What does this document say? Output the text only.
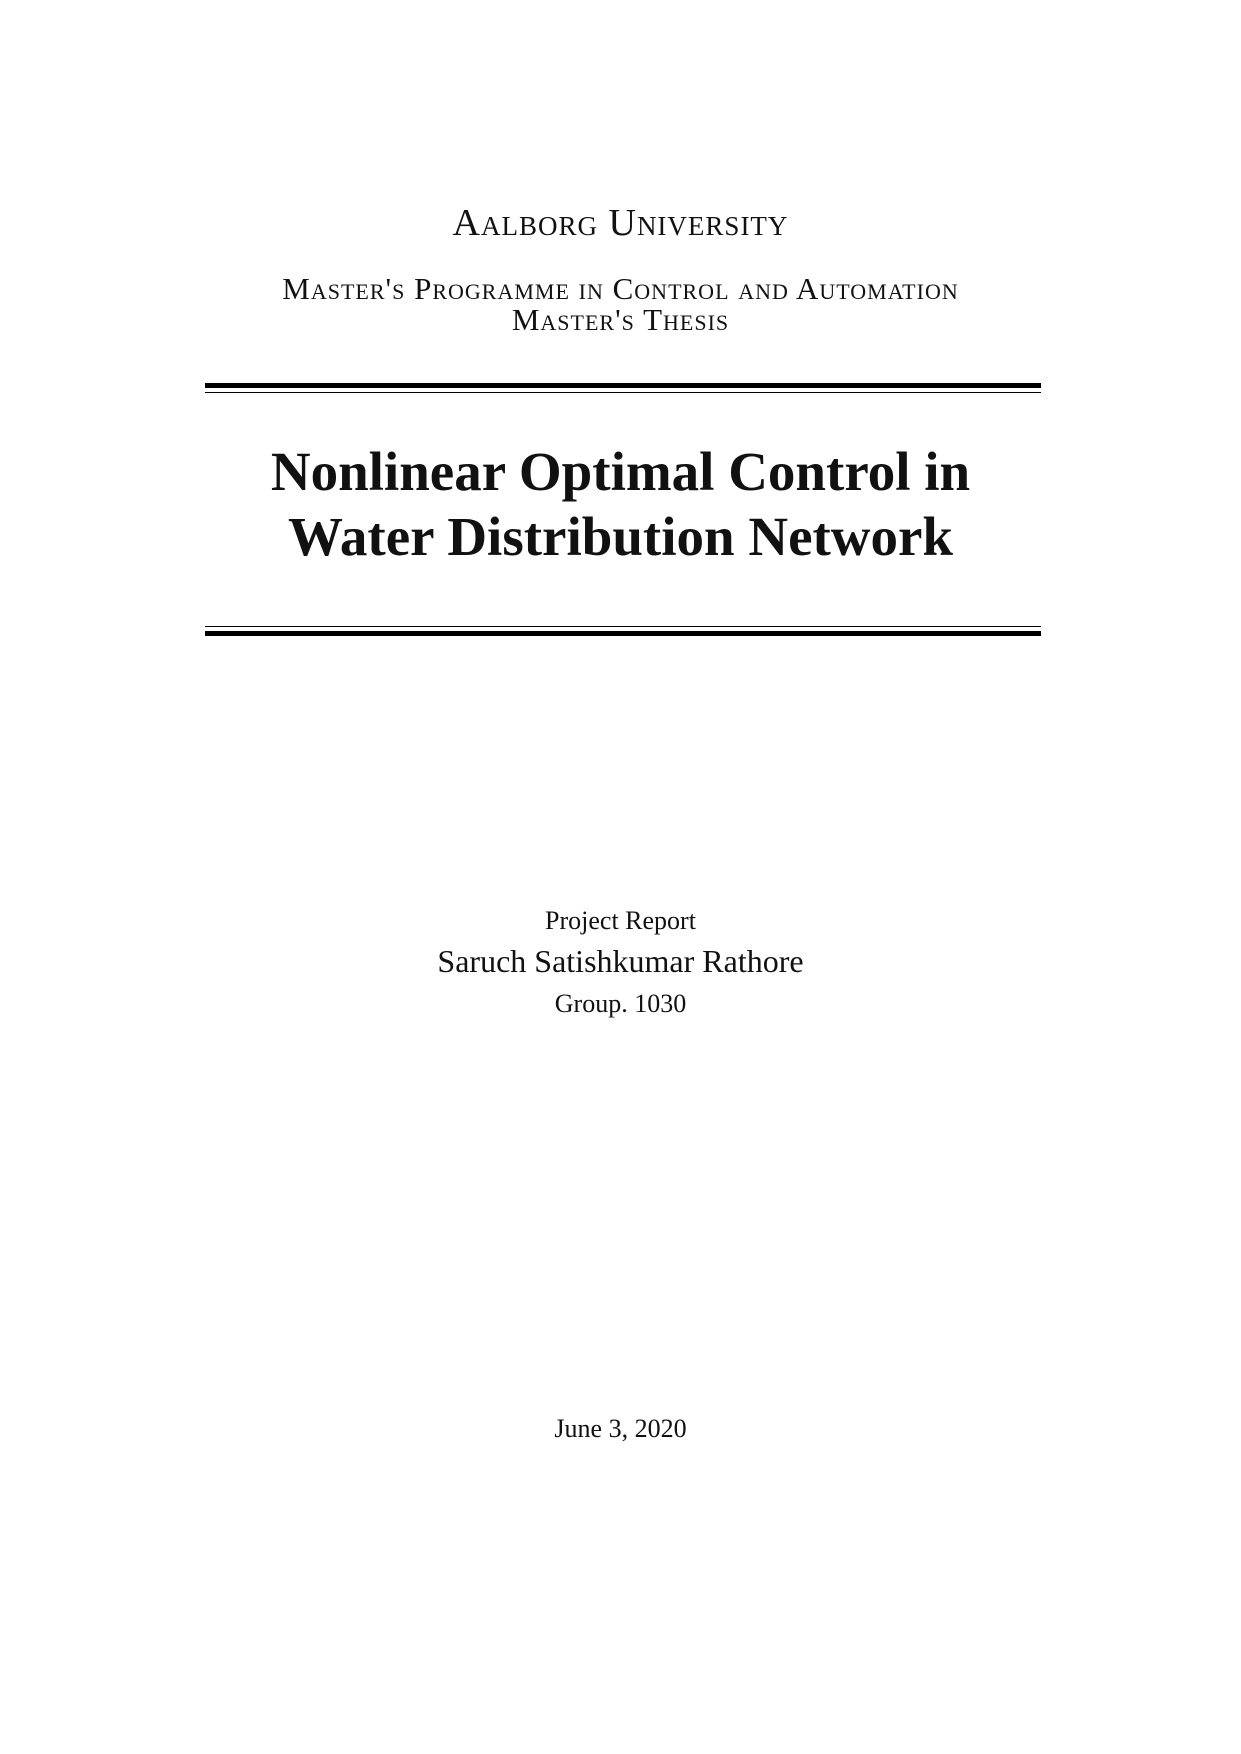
Aalborg University
Master's Programme in Control and Automation
Master's Thesis
Nonlinear Optimal Control in
Water Distribution Network
Project Report
Saruch Satishkumar Rathore
Group. 1030
June 3, 2020
